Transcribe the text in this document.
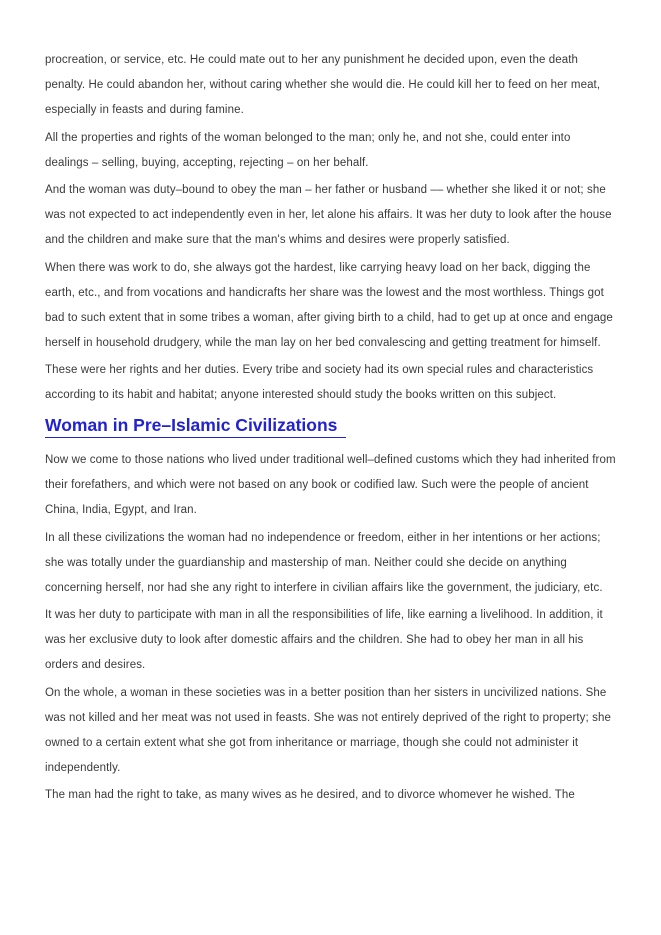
procreation, or service, etc. He could mate out to her any punishment he decided upon, even the death penalty. He could abandon her, without caring whether she would die. He could kill her to feed on her meat, especially in feasts and during famine.

All the properties and rights of the woman belonged to the man; only he, and not she, could enter into dealings – selling, buying, accepting, rejecting – on her behalf.

And the woman was duty–bound to obey the man – her father or husband –– whether she liked it or not; she was not expected to act independently even in her, let alone his affairs. It was her duty to look after the house and the children and make sure that the man's whims and desires were properly satisfied.

When there was work to do, she always got the hardest, like carrying heavy load on her back, digging the earth, etc., and from vocations and handicrafts her share was the lowest and the most worthless. Things got bad to such extent that in some tribes a woman, after giving birth to a child, had to get up at once and engage herself in household drudgery, while the man lay on her bed convalescing and getting treatment for himself.

These were her rights and her duties. Every tribe and society had its own special rules and characteristics according to its habit and habitat; anyone interested should study the books written on this subject.

Woman in Pre–Islamic Civilizations

Now we come to those nations who lived under traditional well–defined customs which they had inherited from their forefathers, and which were not based on any book or codified law. Such were the people of ancient China, India, Egypt, and Iran.

In all these civilizations the woman had no independence or freedom, either in her intentions or her actions; she was totally under the guardianship and mastership of man. Neither could she decide on anything concerning herself, nor had she any right to interfere in civilian affairs like the government, the judiciary, etc.

It was her duty to participate with man in all the responsibilities of life, like earning a livelihood. In addition, it was her exclusive duty to look after domestic affairs and the children. She had to obey her man in all his orders and desires.

On the whole, a woman in these societies was in a better position than her sisters in uncivilized nations. She was not killed and her meat was not used in feasts. She was not entirely deprived of the right to property; she owned to a certain extent what she got from inheritance or marriage, though she could not administer it independently.

The man had the right to take, as many wives as he desired, and to divorce whomever he wished. The
